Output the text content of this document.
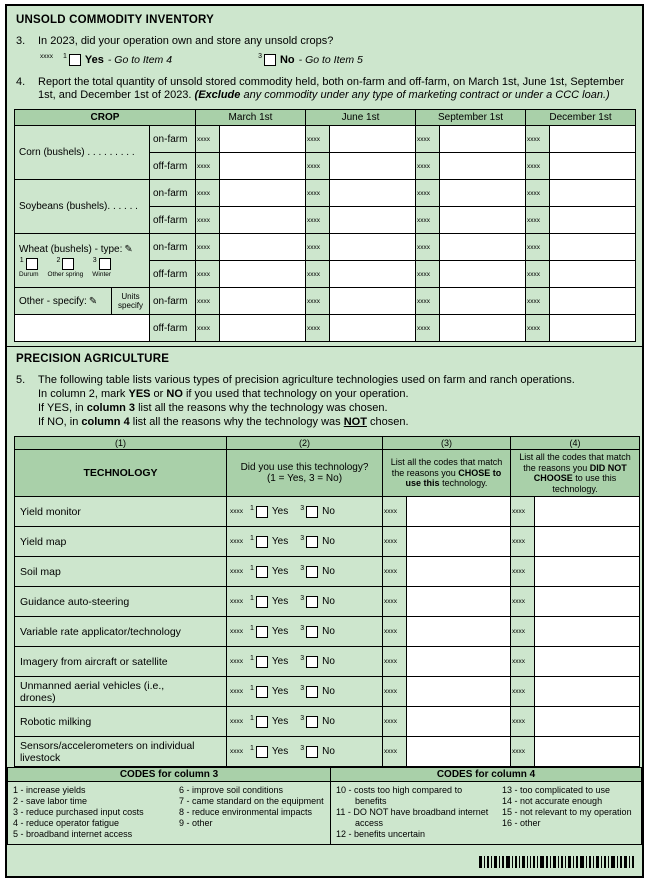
UNSOLD COMMODITY INVENTORY
3.	In 2023, did your operation own and store any unsold crops?
xxxx 1 Yes - Go to Item 4	3 No - Go to Item 5
4.	Report the total quantity of unsold stored commodity held, both on-farm and off-farm, on March 1st, June 1st, September 1st, and December 1st of 2023. (Exclude any commodity under any type of marketing contract or under a CCC loan.)
CROP			March 1st		June 1st		September 1st		December 1st	
Corn (bushels) . . . . . . . . .		on-farm	xxxx		xxxx		xxxx		xxxx	
		off-farm	xxxx		xxxx		xxxx		xxxx	
Soybeans (bushels). . . . . .		on-farm	xxxx		xxxx		xxxx		xxxx	
		off-farm	xxxx		xxxx		xxxx		xxxx	

Wheat (bushels) - type: ✎
1
Durum
2
Other spring
3
Winter
	on-farm	xxxx		xxxx		xxxx		xxxx	
		off-farm	xxxx		xxxx		xxxx		xxxx	

Other - specify: ✎	Units specify	on-farm	xxxx		xxxx		xxxx		xxxx	
		off-farm	xxxx		xxxx		xxxx		xxxx	
PRECISION AGRICULTURE
5.	The following table lists various types of precision agriculture technologies used on farm and ranch operations.
In column 2, mark YES or NO if you used that technology on your operation.
If YES, in column 3 list all the reasons why the technology was chosen.
If NO, in column 4 list all the reasons why the technology was NOT chosen.
(1)	(2)	(3)		(4)	
TECHNOLOGY	Did you use this technology?
(1 = Yes, 3 = No)	List all the codes that match the reasons you CHOSE to use this technology.		List all the codes that match the reasons you DID NOT CHOOSE to use this technology.	
Yield monitor	xxxx 1 Yes 3 No	xxxx		xxxx	
Yield map	xxxx 1 Yes 3 No	xxxx		xxxx	
Soil map	xxxx 1 Yes 3 No	xxxx		xxxx	
Guidance auto-steering	xxxx 1 Yes 3 No	xxxx		xxxx	
Variable rate applicator/technology	xxxx 1 Yes 3 No	xxxx		xxxx	
Imagery from aircraft or satellite	xxxx 1 Yes 3 No	xxxx		xxxx	
Unmanned aerial vehicles (i.e., drones)	xxxx 1 Yes 3 No	xxxx		xxxx	
Robotic milking	xxxx 1 Yes 3 No	xxxx		xxxx	
Sensors/accelerometers on individual livestock	xxxx 1 Yes 3 No	xxxx		xxxx	
CODES for column 3
1 - increase yields
2 - save labor time
3 - reduce purchased input costs
4 - reduce operator fatigue
5 - broadband internet access
6 - improve soil conditions
7 - came standard on the equipment
8 - reduce environmental impacts
9 - other
CODES for column 4
10 - costs too high compared to benefits
11 - DO NOT have broadband internet access
12 - benefits uncertain
13 - too complicated to use
14 - not accurate enough
15 - not relevant to my operation
16 - other
